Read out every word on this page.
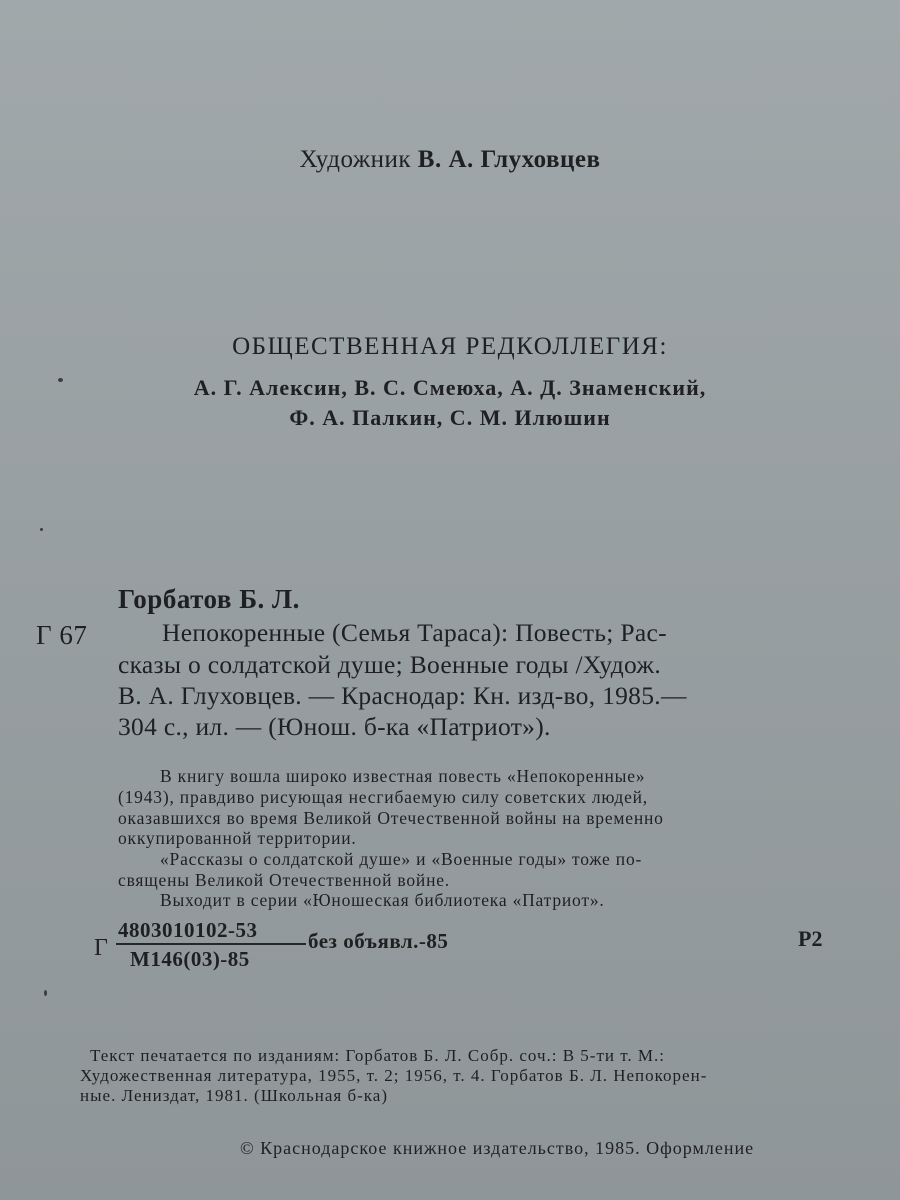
Художник В. А. Глуховцев
ОБЩЕСТВЕННАЯ РЕДКОЛЛЕГИЯ:
А. Г. Алексин, В. С. Смеюха, А. Д. Знаменский,
Ф. А. Палкин, С. М. Илюшин
Горбатов Б. Л.
Г 67	Непокоренные (Семья Тараса): Повесть; Рас-
сказы о солдатской душе; Военные годы /Худож.
В. А. Глуховцев. — Краснодар: Кн. изд-во, 1985.—
304 с., ил. — (Юнош. б-ка «Патриот»).
В книгу вошла широко известная повесть «Непокоренные»
(1943), правдиво рисующая несгибаемую силу советских людей,
оказавшихся во время Великой Отечественной войны на временно
оккупированной территории.
«Рассказы о солдатской душе» и «Военные годы» тоже по-
священы Великой Отечественной войне.
Выходит в серии «Юношеская библиотека «Патриот».
Г
4803010102-53
М146(03)-85
без объявл.-85	Р2
Текст печатается по изданиям: Горбатов Б. Л. Собр. соч.: В 5-ти т. М.:
Художественная литература, 1955, т. 2; 1956, т. 4. Горбатов Б. Л. Непокорен-
ные. Лениздат, 1981. (Школьная б-ка)
© Краснодарское книжное издательство, 1985. Оформление
